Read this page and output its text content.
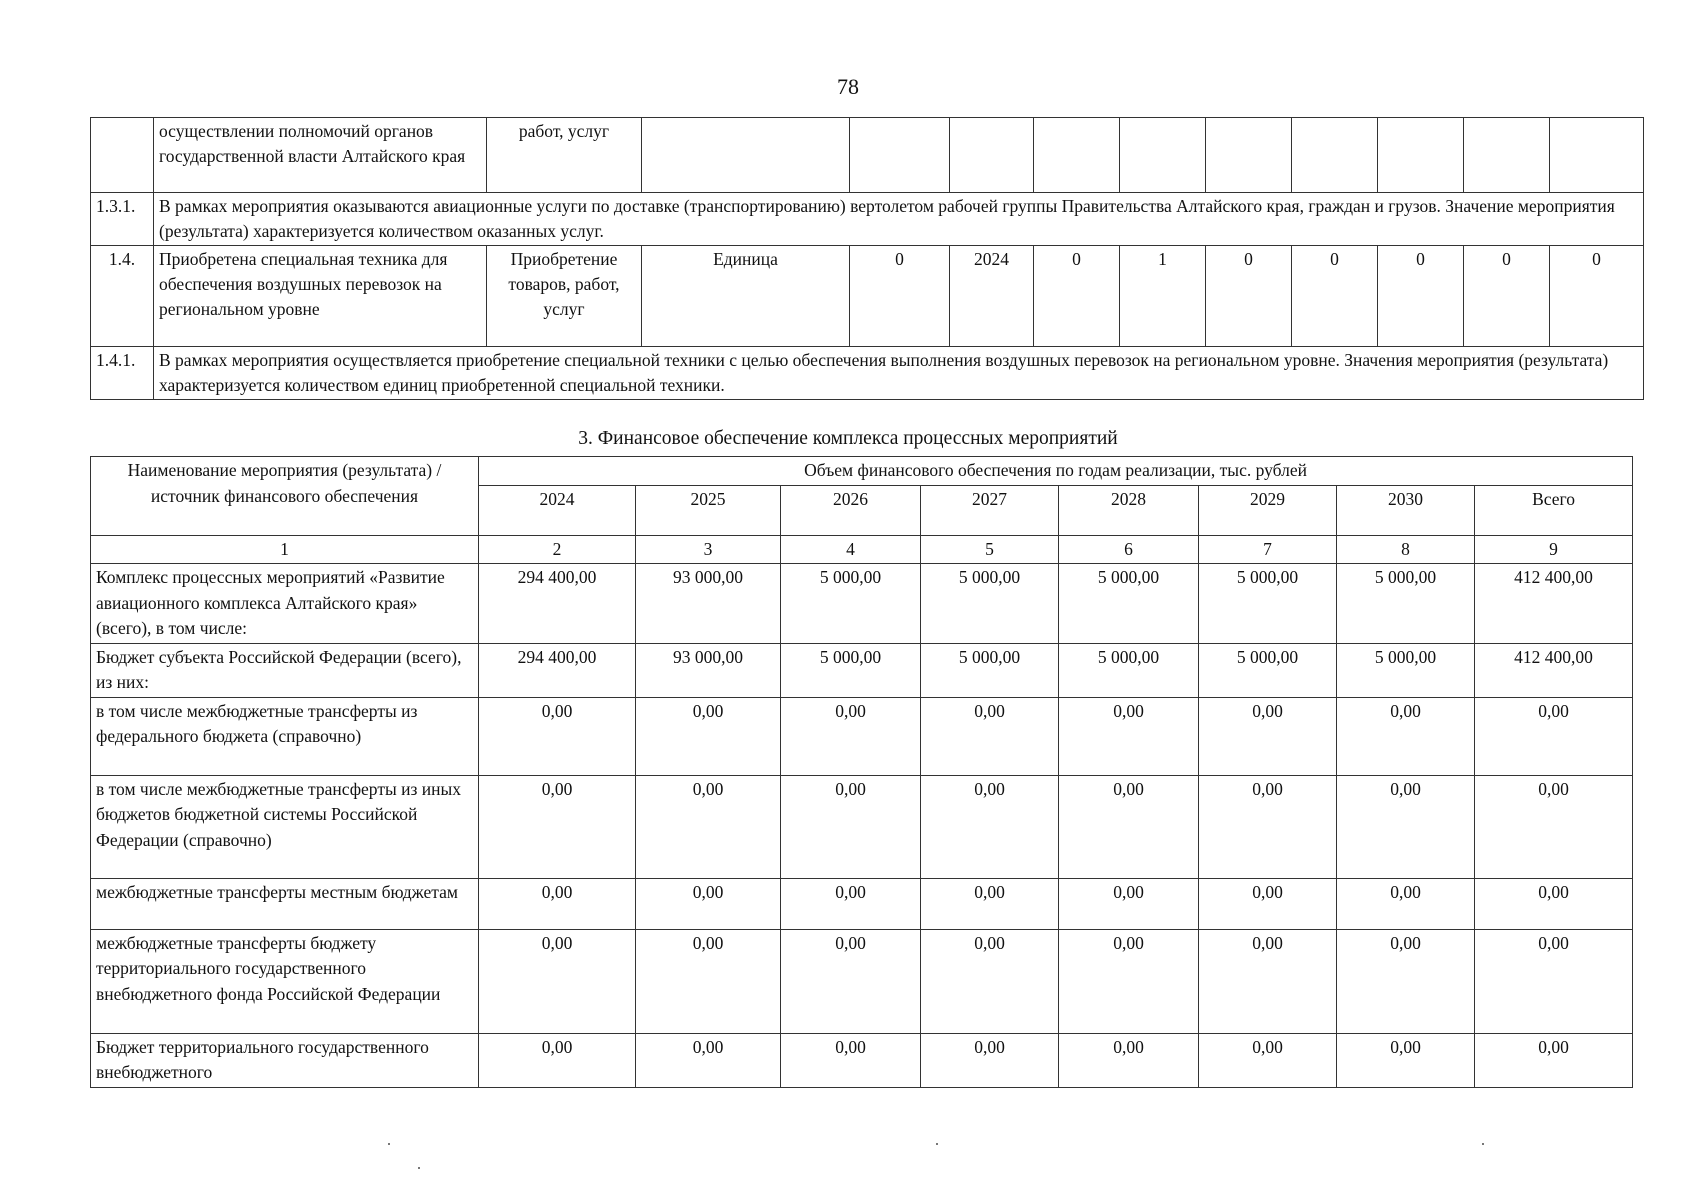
78
	осуществлении полномочий органов государственной власти Алтайского края	работ, услуг										
1.3.1.	В рамках мероприятия оказываются авиационные услуги по доставке (транспортированию) вертолетом рабочей группы Правительства Алтайского края, граждан и грузов. Значение мероприятия (результата) характеризуется количеством оказанных услуг.											
1.4.	Приобретена специальная техника для обеспечения воздушных перевозок на региональном уровне	Приобретение товаров, работ, услуг	Единица	0	2024	0	1	0	0	0	0	0
1.4.1.	В рамках мероприятия осуществляется приобретение специальной техники с целью обеспечения выполнения воздушных перевозок на региональном уровне. Значения мероприятия (результата) характеризуется количеством единиц приобретенной специальной техники.											
3. Финансовое обеспечение комплекса процессных мероприятий
Наименование мероприятия (результата) / источник финансового обеспечения	Объем финансового обеспечения по годам реализации, тыс. рублей							
	2024	2025	2026	2027	2028	2029	2030	Всего
1	2	3	4	5	6	7	8	9
Комплекс процессных мероприятий «Развитие авиационного комплекса Алтайского края» (всего), в том числе:	294 400,00	93 000,00	5 000,00	5 000,00	5 000,00	5 000,00	5 000,00	412 400,00
Бюджет субъекта Российской Федерации (всего), из них:	294 400,00	93 000,00	5 000,00	5 000,00	5 000,00	5 000,00	5 000,00	412 400,00
в том числе межбюджетные трансферты из федерального бюджета (справочно)	0,00	0,00	0,00	0,00	0,00	0,00	0,00	0,00
в том числе межбюджетные трансферты из иных бюджетов бюджетной системы Российской Федерации (справочно)	0,00	0,00	0,00	0,00	0,00	0,00	0,00	0,00
межбюджетные трансферты местным бюджетам	0,00	0,00	0,00	0,00	0,00	0,00	0,00	0,00
межбюджетные трансферты бюджету территориального государственного внебюджетного фонда Российской Федерации	0,00	0,00	0,00	0,00	0,00	0,00	0,00	0,00
Бюджет территориального государственного внебюджетного	0,00	0,00	0,00	0,00	0,00	0,00	0,00	0,00
